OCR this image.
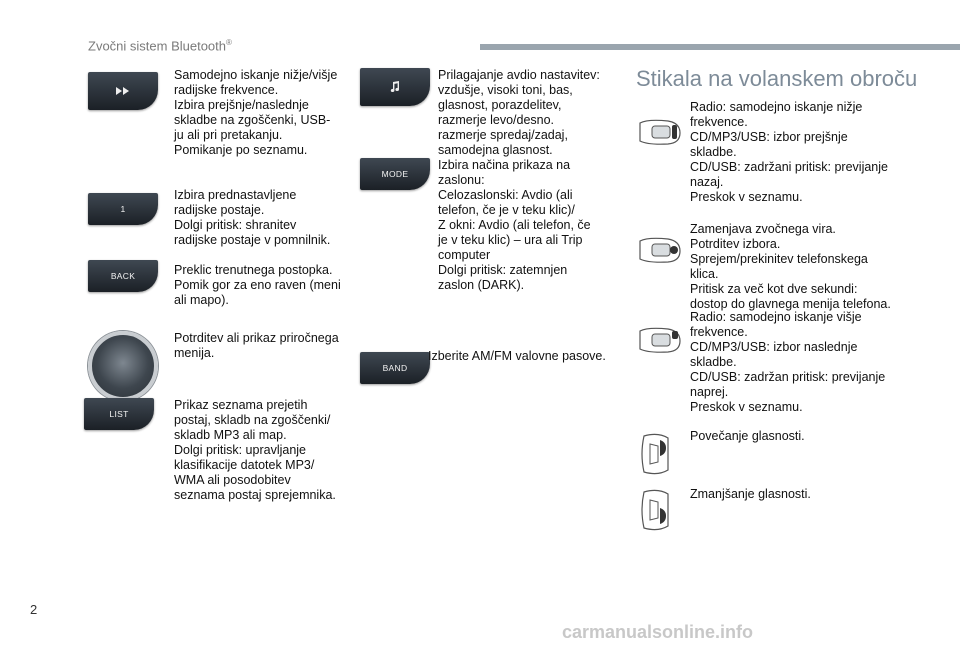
Zvočni sistem Bluetooth®
Samodejno iskanje nižje/višje
radijske frekvence.
Izbira prejšnje/naslednje
skladbe na zgoščenki, USB-
ju ali pri pretakanju.
Pomikanje po seznamu.
1
Izbira prednastavljene
radijske postaje.
Dolgi pritisk: shranitev
radijske postaje v pomnilnik.
BACK	Preklic trenutnega postopka.
Pomik gor za eno raven (meni
ali mapo).
Potrditev ali prikaz priročnega
menija.
LIST
Prikaz seznama prejetih
postaj, skladb na zgoščenki/
skladb MP3 ali map.
Dolgi pritisk: upravljanje
klasifikacije datotek MP3/
WMA ali posodobitev
seznama postaj sprejemnika.
Prilagajanje avdio nastavitev:
vzdušje, visoki toni, bas,
glasnost, porazdelitev,
razmerje levo/desno.
razmerje spredaj/zadaj,
samodejna glasnost.
MODE
Izbira načina prikaza na
zaslonu:
Celozaslonski: Avdio (ali
telefon, če je v teku klic)/
Z okni: Avdio (ali telefon, če
je v teku klic) – ura ali Trip
computer
Dolgi pritisk: zatemnjen
zaslon (DARK).
BAND
Izberite AM/FM valovne pasove.
Stikala na volanskem obroču
Radio: samodejno iskanje nižje
frekvence.
CD/MP3/USB: izbor prejšnje
skladbe.
CD/USB: zadržani pritisk: previjanje
nazaj.
Preskok v seznamu.
Zamenjava zvočnega vira.
Potrditev izbora.
Sprejem/prekinitev telefonskega
klica.
Pritisk za več kot dve sekundi:
dostop do glavnega menija telefona.
Radio: samodejno iskanje višje
frekvence.
CD/MP3/USB: izbor naslednje
skladbe.
CD/USB: zadržan pritisk: previjanje
naprej.
Preskok v seznamu.
Povečanje glasnosti.
Zmanjšanje glasnosti.
2
carmanualsonline.info
